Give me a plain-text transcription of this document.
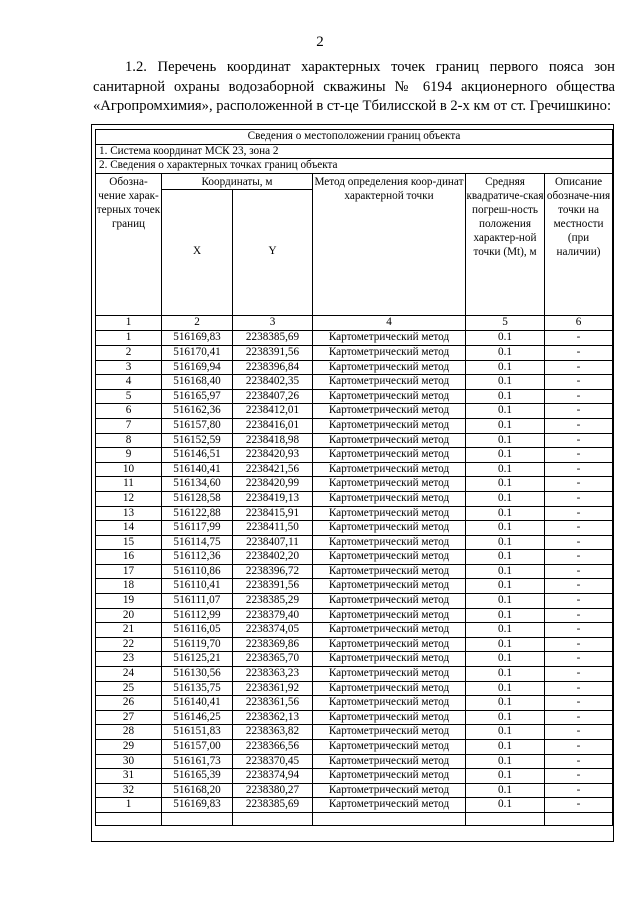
2
1.2. Перечень координат характерных точек границ первого пояса зон санитарной охраны водозаборной скважины № 6194 акционерного общества «Агропромхимия», расположенной в ст-це Тбилисской в 2-х км от ст. Гречишкино:
Сведения о местоположении границ объекта					
1. Система координат МСК 23, зона 2					
2. Сведения о характерных точках границ объекта					
Обозна-чение харак-терных точек границ	Координаты, м		Метод определения коор-динат характерной точки	Средняя квадратиче-ская погреш-ность положения характер-ной точки (Mt), м	Описание обозначе-ния точки на местности (при наличии)
	X	Y			
1	2	3	4	5	6
1	516169,83	2238385,69	Картометрический метод	0.1	-
2	516170,41	2238391,56	Картометрический метод	0.1	-
3	516169,94	2238396,84	Картометрический метод	0.1	-
4	516168,40	2238402,35	Картометрический метод	0.1	-
5	516165,97	2238407,26	Картометрический метод	0.1	-
6	516162,36	2238412,01	Картометрический метод	0.1	-
7	516157,80	2238416,01	Картометрический метод	0.1	-
8	516152,59	2238418,98	Картометрический метод	0.1	-
9	516146,51	2238420,93	Картометрический метод	0.1	-
10	516140,41	2238421,56	Картометрический метод	0.1	-
11	516134,60	2238420,99	Картометрический метод	0.1	-
12	516128,58	2238419,13	Картометрический метод	0.1	-
13	516122,88	2238415,91	Картометрический метод	0.1	-
14	516117,99	2238411,50	Картометрический метод	0.1	-
15	516114,75	2238407,11	Картометрический метод	0.1	-
16	516112,36	2238402,20	Картометрический метод	0.1	-
17	516110,86	2238396,72	Картометрический метод	0.1	-
18	516110,41	2238391,56	Картометрический метод	0.1	-
19	516111,07	2238385,29	Картометрический метод	0.1	-
20	516112,99	2238379,40	Картометрический метод	0.1	-
21	516116,05	2238374,05	Картометрический метод	0.1	-
22	516119,70	2238369,86	Картометрический метод	0.1	-
23	516125,21	2238365,70	Картометрический метод	0.1	-
24	516130,56	2238363,23	Картометрический метод	0.1	-
25	516135,75	2238361,92	Картометрический метод	0.1	-
26	516140,41	2238361,56	Картометрический метод	0.1	-
27	516146,25	2238362,13	Картометрический метод	0.1	-
28	516151,83	2238363,82	Картометрический метод	0.1	-
29	516157,00	2238366,56	Картометрический метод	0.1	-
30	516161,73	2238370,45	Картометрический метод	0.1	-
31	516165,39	2238374,94	Картометрический метод	0.1	-
32	516168,20	2238380,27	Картометрический метод	0.1	-
1	516169,83	2238385,69	Картометрический метод	0.1	-
